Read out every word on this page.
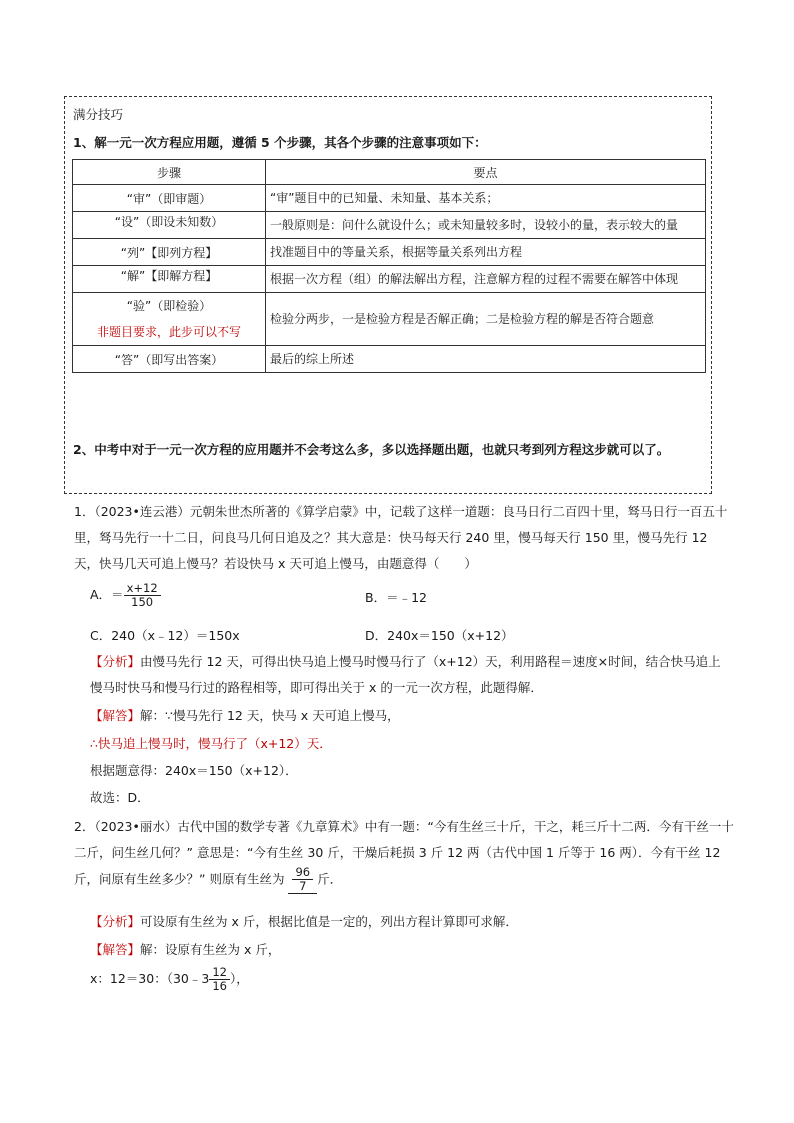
满分技巧
1、解一元一次方程应用题，遵循 5 个步骤，其各个步骤的注意事项如下：
步骤	要点
“审”（即审题）	“审”题目中的已知量、未知量、基本关系；
“设”（即设未知数）	一般原则是：问什么就设什么；或未知量较多时，设较小的量，表示较大的量
“列”【即列方程】	找准题目中的等量关系，根据等量关系列出方程
“解”【即解方程】	根据一次方程（组）的解法解出方程，注意解方程的过程不需要在解答中体现

“验”（即检验）
非题目要求，此步可以不写	检验分两步，一是检验方程是否解正确；二是检验方程的解是否符合题意
“答”（即写出答案）	最后的综上所述
2、中考中对于一元一次方程的应用题并不会考这么多，多以选择题出题，也就只考到列方程这步就可以了。
1．（2023•连云港）元朝朱世杰所著的《算学启蒙》中，记载了这样一道题：良马日行二百四十里，驽马日行一百五十里，驽马先行一十二日，问良马几何日追及之？其大意是：快马每天行 240 里，慢马每天行 150 里，慢马先行 12 天，快马几天可追上慢马？若设快马 x 天可追上慢马，由题意得（　　）
A．＝ $\frac{x+12}{150}$	B．＝﹣12
C．240（x﹣12）＝150x	D．240x＝150（x+12）
【分析】由慢马先行 12 天，可得出快马追上慢马时慢马行了（x+12）天，利用路程＝速度×时间，结合快马追上慢马时快马和慢马行过的路程相等，即可得出关于 x 的一元一次方程，此题得解．
【解答】解：∵慢马先行 12 天，快马 x 天可追上慢马，
∴快马追上慢马时，慢马行了（x+12）天．
根据题意得：240x＝150（x+12）．
故选：D．
2．（2023•丽水）古代中国的数学专著《九章算术》中有一题：“今有生丝三十斤，干之，耗三斤十二两．今有干丝一十二斤，问生丝几何？” 意思是：“今有生丝 30 斤，干燥后耗损 3 斤 12 两（古代中国 1 斤等于 16 两）．今有干丝 12 斤，问原有生丝多少？” 则原有生丝为 $\frac{96}{7}$ 斤．
【分析】可设原有生丝为 x 斤，根据比值是一定的，列出方程计算即可求解．
【解答】解：设原有生丝为 x 斤，
x：12＝30：（30﹣3 $\frac{12}{16}$ ），
